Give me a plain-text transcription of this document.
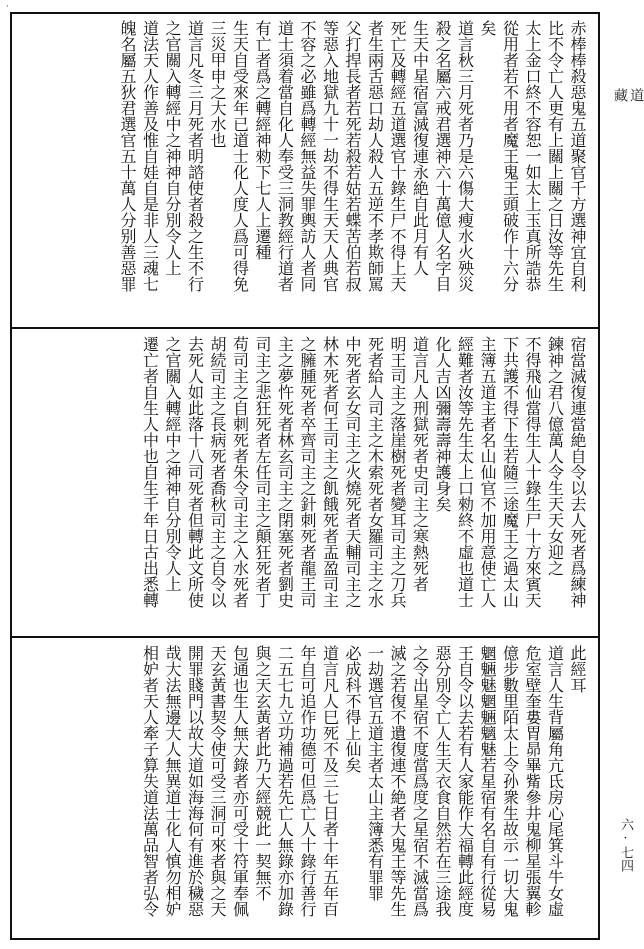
·
赤棒棒殺惡鬼五道聚官千方選神宜自利
比不令亡人更有上關上關之日汝等先生
太上金口終不容恕一如太上玉真所誥恭
從用者若不用者魔王鬼王頭破作十六分
矣
道言秋三月死者乃是六傷大瘦水火殃災
殺之名屬六戒君選神六十萬億人名字目
生天中星宿富滅復連永絶自此月有人
死亡及轉經五道選官十錄生尸不得上天
者生兩舌惡口劫人殺人五逆不孝欺師罵
父打捍長者若死若殺若姑若蝶苦伯若叔
等惡入地獄九十一劫不得生天天人典官
不容之必雖爲轉經無益失罪輿訪人者同
道士須着當自化人奉受三洞教經行道者
有亡者爲之轉經神勑下七人上遷種
生天自受來年已道士化人度人爲可得免
三災甲申之大水也
道言凡冬三月死者明諮使者殺之生不行
之官關入轉經中之神神自分別令人上
道法天人作善及惟自娃自是非人三魂七
魄名屬五狄君選官五十萬人分别善惡罪
宿當滅復連當絶自令以去人死者爲練神
鍊神之君八億萬人令生天天女迎之
不得飛仙當得生人十錄生尸十方來賓天
下共護不得下生若隨三途魔王之過太山
主簿五道主者名山仙官不加用意使亡人
經難者汝等先生太上口勑終不虛也道士
化人吉凶彌壽壽神護身矣
道言凡人刑獄死者史司主之寒熱死者
明王司主之落崖樹死者變耳司主之刀兵
死者給人司主之木索死者女羅司主之水
中死者玄女司主之火燒死者天輔司主之
林木死者何王司主之飢餓死者盂盈司主
之臃腫死者卒齊司主之針刺死者龍王司
主之夢忤死者林玄司主之閉塞死者劉史
司主之悲狂死者左任司主之顛狂死者丁
苟司主之自刺死者朱令司主之入水死者
胡続司主之長病死者喬秋司主之自令以
去死人如此落十八司死者但轉此文所使
之官關入轉經中之神神自分別令人上
遷亡者自生人中也自生千年日古出悉轉
此經耳
道言人生背屬角亢氐房心尾箕斗牛女虛
危室壁奎婁胃昴畢觜參井鬼柳星張翼軫
億步數里陌太上令孙衆生故示一切大鬼
魍魎魅魍魎魑魅若星宿有名自有行從易
王自令以去若有人家能作大福轉此經度
惡分別令亡人生天衣食自然若在三途我
之令出星宿不度當爲度之星宿不滅當爲
滅之若復不遺復連不絶者大鬼王等先生
一劫選官五道主者太山主簿悉有罪罪
必成科不得上仙矣
道言凡人巳死不及三七日者十年五年百
年自可追作功德可但爲亡人十錄行善行
二五七九立功補過若先亡人無錄亦加錄
與之天玄黃者此乃大經競此一契無不
包通也生人無大錄者亦可受十符軍奉佩
天玄黃書契令使可受三洞可來者與之天
開罪賤門以故大道如海海何有進於穢惡
哉大法無邊大人無異道士化人慎勿相妒
相妒者天人牽子算失道法萬品智者弘令
道
藏
六·七四
